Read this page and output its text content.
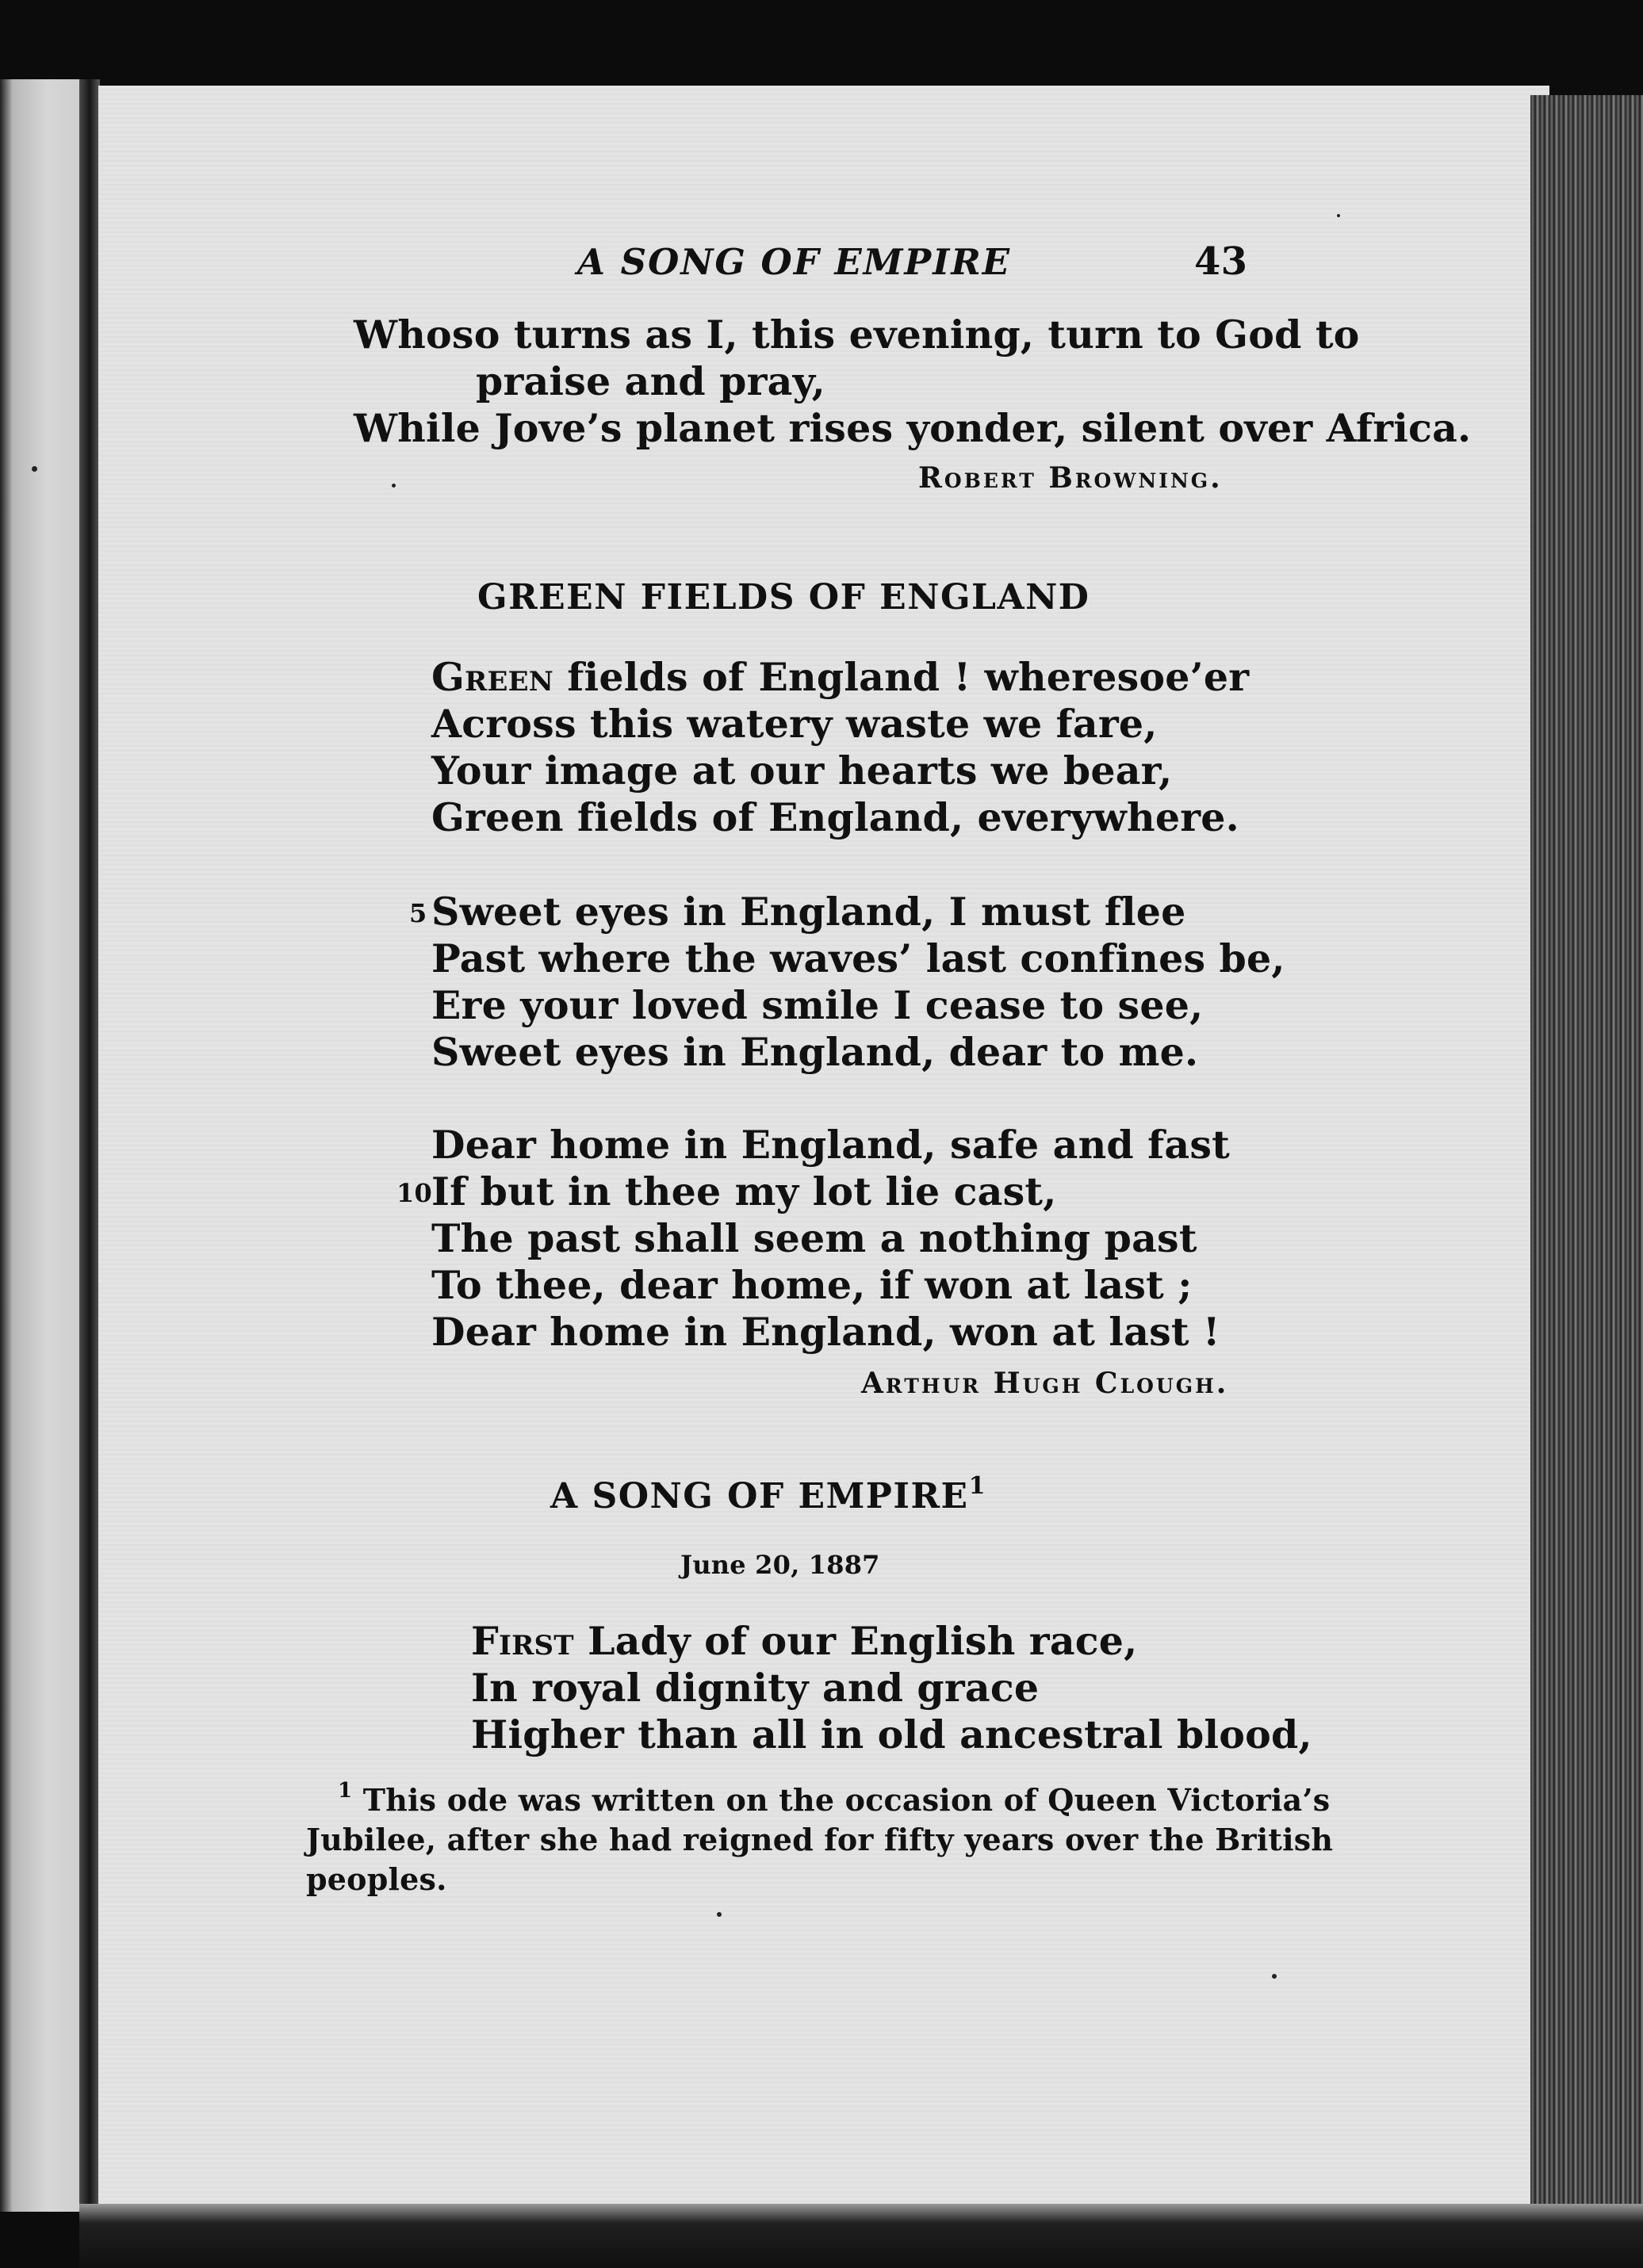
A SONG OF EMPIRE	43
Whoso turns as I, this evening, turn to God to
praise and pray,
While Jove’s planet rises yonder, silent over Africa.
Robert Browning.
GREEN FIELDS OF ENGLAND
Green fields of England ! wheresoe’er
Across this watery waste we fare,
Your image at our hearts we bear,
Green fields of England, everywhere.
5 Sweet eyes in England, I must flee
Past where the waves’ last confines be,
Ere your loved smile I cease to see,
Sweet eyes in England, dear to me.
Dear home in England, safe and fast
10 If but in thee my lot lie cast,
The past shall seem a nothing past
To thee, dear home, if won at last ;
Dear home in England, won at last !
Arthur Hugh Clough.
A SONG OF EMPIRE$^1$
June 20, 1887
First Lady of our English race,
In royal dignity and grace
Higher than all in old ancestral blood,
$^1$ This ode was written on the occasion of Queen Victoria’s
Jubilee, after she had reigned for fifty years over the British
peoples.
